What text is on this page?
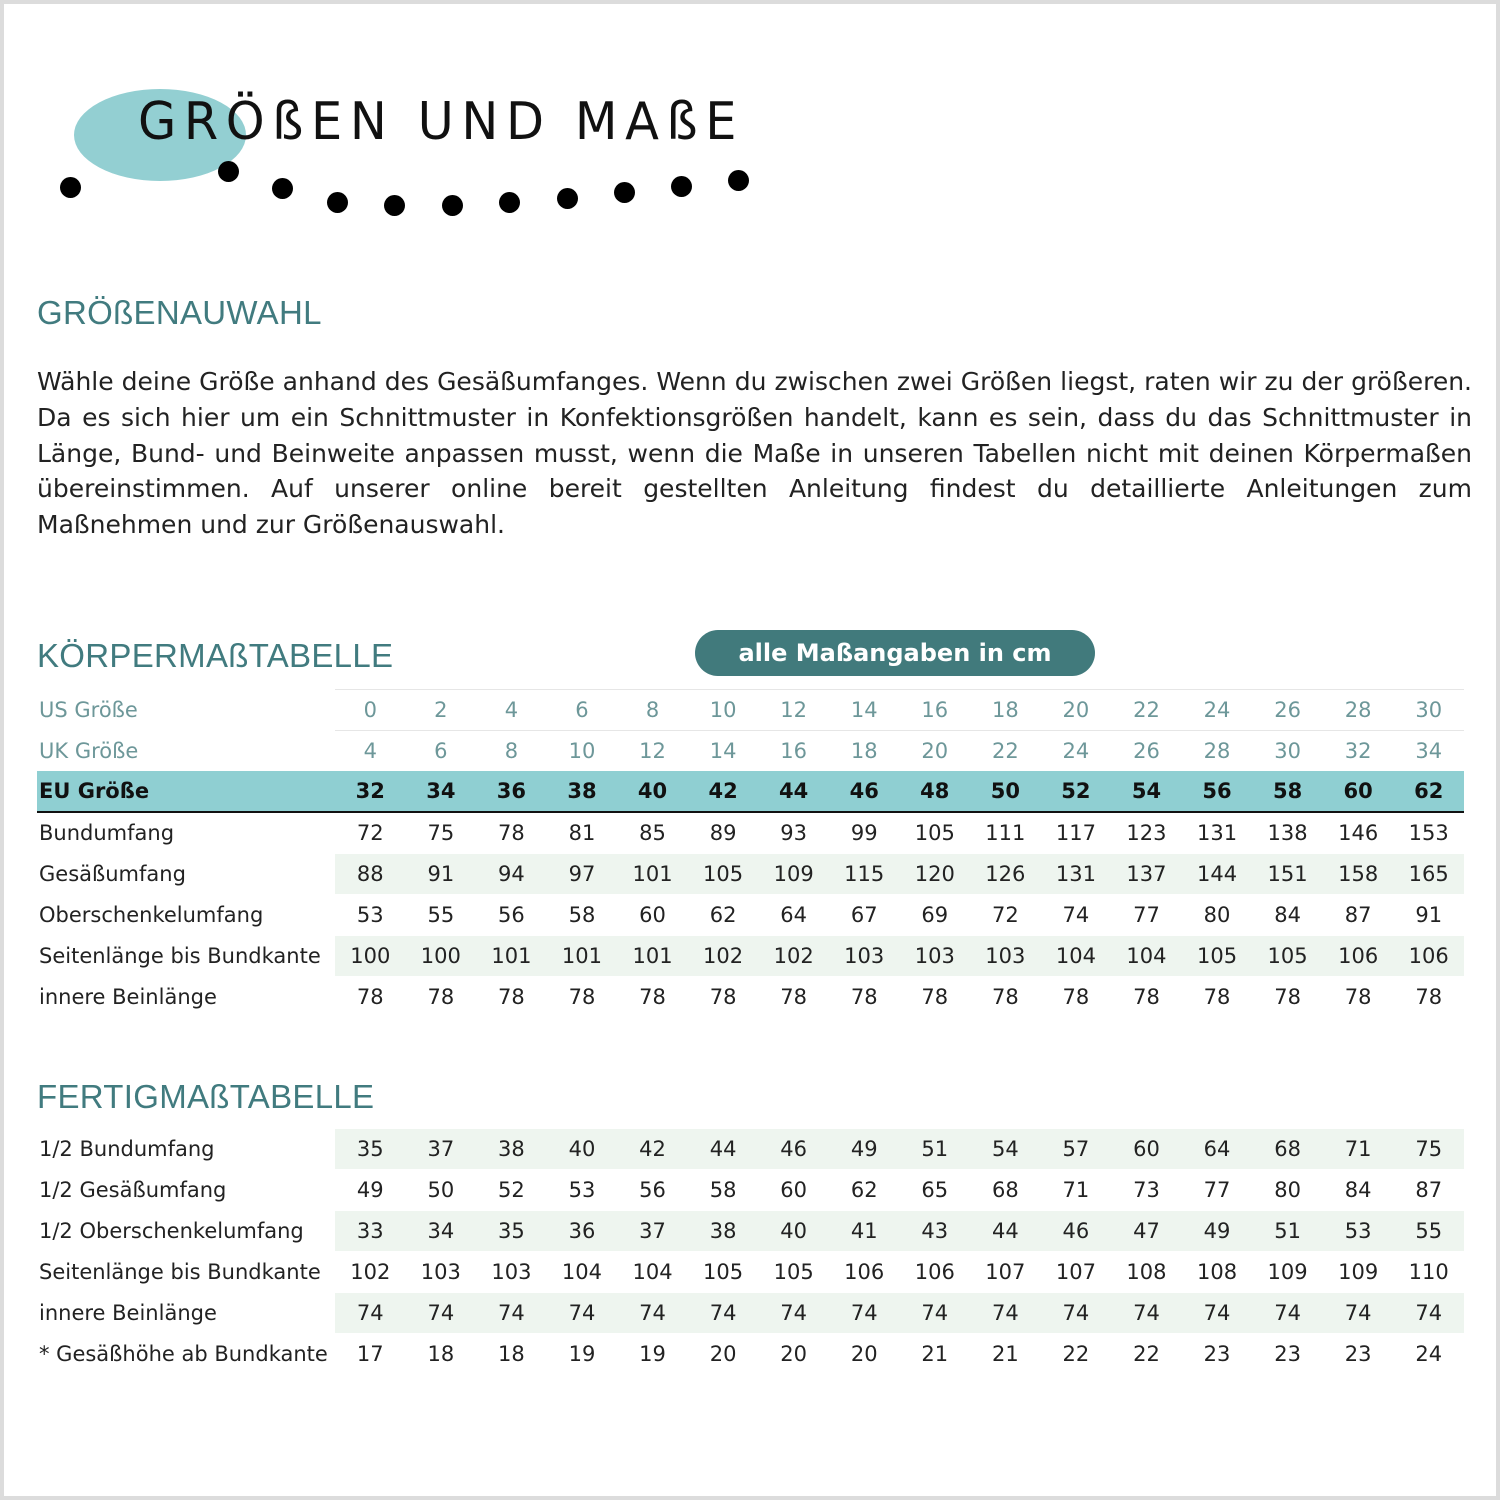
GRÖßEN UND MAßE
GRÖßENAUWAHL

Wähle deine Größe anhand des Gesäßumfanges. Wenn du zwischen zwei Größen liegst, raten wir zu der größeren. Da es sich hier um ein Schnittmuster in Konfektionsgrößen handelt, kann es sein, dass du das Schnittmuster in Länge, Bund- und Beinweite anpassen musst, wenn die Maße in unseren Tabellen nicht mit deinen Körpermaßen übereinstimmen. Auf unserer online bereit gestellten Anleitung findest du detaillierte Anleitungen zum Maßnehmen und zur Größenauswahl.

KÖRPERMAßTABELLE	alle Maßangaben in cm
US Größe	0	2	4	6	8	10	12	14	16	18	20	22	24	26	28	30
UK Größe	4	6	8	10	12	14	16	18	20	22	24	26	28	30	32	34
EU Größe	32	34	36	38	40	42	44	46	48	50	52	54	56	58	60	62
Bundumfang	72	75	78	81	85	89	93	99	105	111	117	123	131	138	146	153
Gesäßumfang	88	91	94	97	101	105	109	115	120	126	131	137	144	151	158	165
Oberschenkelumfang	53	55	56	58	60	62	64	67	69	72	74	77	80	84	87	91
Seitenlänge bis Bundkante	100	100	101	101	101	102	102	103	103	103	104	104	105	105	106	106
innere Beinlänge	78	78	78	78	78	78	78	78	78	78	78	78	78	78	78	78
FERTIGMAßTABELLE
1/2 Bundumfang	35	37	38	40	42	44	46	49	51	54	57	60	64	68	71	75
1/2 Gesäßumfang	49	50	52	53	56	58	60	62	65	68	71	73	77	80	84	87
1/2 Oberschenkelumfang	33	34	35	36	37	38	40	41	43	44	46	47	49	51	53	55
Seitenlänge bis Bundkante	102	103	103	104	104	105	105	106	106	107	107	108	108	109	109	110
innere Beinlänge	74	74	74	74	74	74	74	74	74	74	74	74	74	74	74	74
* Gesäßhöhe ab Bundkante	17	18	18	19	19	20	20	20	21	21	22	22	23	23	23	24
